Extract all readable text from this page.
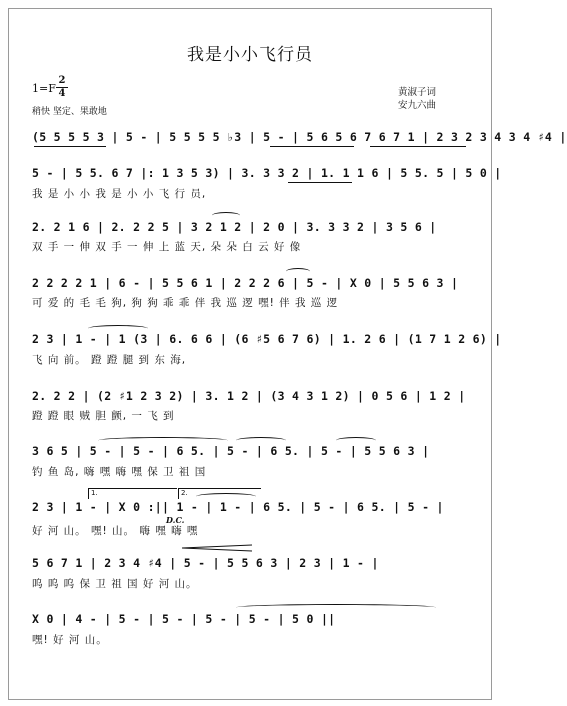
我是小小飞行员
1=F
2
4
稍快 坚定、果敢地
黄淑子词
安九六曲
(5 5 5 5 3 | 5 - | 5 5 5 5 ♭3 | 5 - | 5 6 5 6 7 6 7 1 | 2 3 2 3 4 3 4 ♯4 |
5 - | 5 5. 6 7 |: 1 3 5 3) | 3. 3 3 2 | 1. 1 1 6 | 5 5. 5 | 5 0 |
我 是 小 小 我 是 小 小 飞 行 员,
2. 2 1 6 | 2. 2 2 5 | 3 2 1 2 | 2 0 | 3. 3 3 2 | 3 5 6 |
双 手 一 伸 双 手 一 伸 上 蓝 天, 朵 朵 白 云 好 像
2 2 2 2 1 | 6 - | 5 5 6 1 | 2 2 2 6 | 5 - | X 0 | 5 5 6 3 |
可 爱 的 毛 毛 狗, 狗 狗 乖 乖 伴 我 巡 逻 嘿! 伴 我 巡 逻
2 3 | 1 - | 1 (3 | 6. 6 6 | (6 ♯5 6 7 6) | 1. 2 6 | (1 7 1 2 6) |
飞 向 前。 蹬 蹬 腿 到 东 海,
2. 2 2 | (2 ♯1 2 3 2) | 3. 1 2 | (3 4 3 1 2) | 0 5 6 | 1 2 |
蹬 蹬 眼 贼 胆 颤, 一 飞 到
3 6 5 | 5 - | 5 - | 6 5. | 5 - | 6 5. | 5 - | 5 5 6 3 |
钓 鱼 岛, 嗨 嘿 嗨 嘿 保 卫 祖 国
1.	2.
2 3 | 1 - | X 0 :|| 1 - | 1 - | 6 5. | 5 - | 6 5. | 5 - |
D.C.
好 河 山。 嘿! 山。 嗨 嘿 嗨 嘿
5 6 7 1 | 2 3 4 ♯4 | 5 - | 5 5 6 3 | 2 3 | 1 - |
呜 呜 呜 保 卫 祖 国 好 河 山。
X 0 | 4 - | 5 - | 5 - | 5 - | 5 - | 5 0 ||
嘿! 好 河 山。
